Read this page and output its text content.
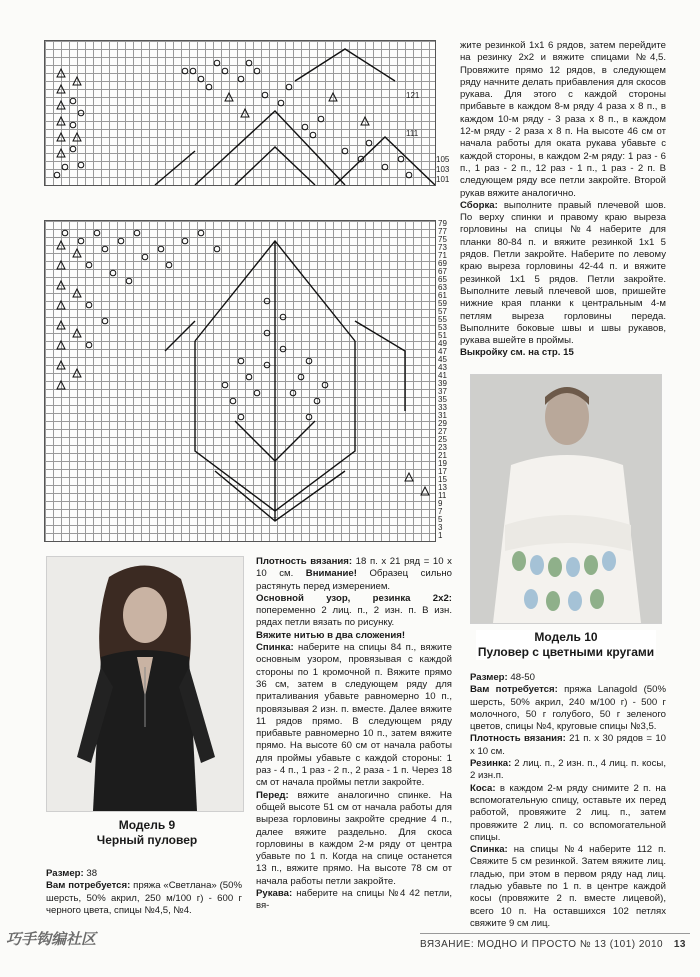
121
111
105
103
101
79
77
75
73
71
69
67
65
63
61
59
57
55
53
51
49
47
45
43
41
39
37
35
33
31
29
27
25
23
21
19
17
15
13
11
9
7
5
3
1

жите резинкой 1x1 6 рядов, затем перейдите на резинку 2x2 и вяжите спицами №4,5. Провяжите прямо 12 рядов, в следующем ряду начните делать прибавления для скосов рукава. Для этого с каждой стороны прибавьте в каждом 8-м ряду 4 раза x 8 п., в каждом 10-м ряду - 3 раза x 8 п., в каждом 12-м ряду - 2 раза x 8 п. На высоте 46 см от начала работы для оката рукава убавьте с каждой стороны, в каждом 2-м ряду: 1 раз - 6 п., 1 раз - 2 п., 12 раз - 1 п., 1 раз - 2 п. В следующем ряду все петли закройте. Второй рукав вяжите аналогично.

Сборка: выполните правый плечевой шов. По верху спинки и правому краю выреза горловины на спицы №4 наберите для планки 80-84 п. и вяжите резинкой 1x1 5 рядов. Петли закройте. Наберите по левому краю выреза горловины 42-44 п. и вяжите резинкой 1x1 5 рядов. Петли закройте. Выполните левый плечевой шов, пришейте нижние края планки к центральным 4-м петлям выреза горловины переда. Выполните боковые швы и швы рукавов, рукава вшейте в проймы.

Выкройку см. на стр. 15

Модель 10
Пуловер с цветными кругами

Размер: 48-50

Вам потребуется: пряжа Lanagold (50% шерсть, 50% акрил, 240 м/100 г) - 500 г молочного, 50 г голубого, 50 г зеленого цветов, спицы №4, круговые спицы №3,5.

Плотность вязания: 21 п. x 30 рядов = 10 x 10 см.

Резинка: 2 лиц. п., 2 изн. п., 4 лиц. п. косы, 2 изн.п.

Коса: в каждом 2-м ряду снимите 2 п. на вспомогательную спицу, оставьте их перед работой, провяжите 2 лиц. п., затем провяжите 2 лиц. п. со вспомогательной спицы.

Спинка: на спицы №4 наберите 112 п. Свяжите 5 см резинкой. Затем вяжите лиц. гладью, при этом в первом ряду над лиц. гладью убавьте по 1 п. в центре каждой косы (провяжите 2 п. вместе лицевой), всего 10 п. На оставшихся 102 петлях свяжите 9 см лиц.

Модель 9
Черный пуловер

Размер: 38

Вам потребуется: пряжа «Светлана» (50% шерсть, 50% акрил, 250 м/100 г) - 600 г черного цвета, спицы №4,5, №4.

Плотность вязания: 18 п. x 21 ряд = 10 x 10 см. Внимание! Образец сильно растянуть перед измерением.

Основной узор, резинка 2x2: попеременно 2 лиц. п., 2 изн. п. В изн. рядах петли вязать по рисунку.

Вяжите нитью в два сложения!

Спинка: наберите на спицы 84 п., вяжите основным узором, провязывая с каждой стороны по 1 кромочной п. Вяжите прямо 36 см, затем в следующем ряду для приталивания убавьте равномерно 10 п., провязывая 2 изн. п. вместе. Далее вяжите 11 рядов прямо. В следующем ряду прибавьте равномерно 10 п., затем вяжите прямо. На высоте 60 см от начала работы для проймы убавьте с каждой стороны: 1 раз - 4 п., 1 раз - 2 п., 2 раза - 1 п. Через 18 см от начала проймы петли закройте.

Перед: вяжите аналогично спинке. На общей высоте 51 см от начала работы для выреза горловины закройте средние 4 п., далее вяжите раздельно. Для скоса горловины в каждом 2-м ряду от центра убавьте по 1 п. Когда на спице останется 13 п., вяжите прямо. На высоте 78 см от начала работы петли закройте.

Рукава: наберите на спицы №4 42 петли, вя-

巧手钩编社区	ВЯЗАНИЕ: МОДНО И ПРОСТО № 13 (101) 2010 13
